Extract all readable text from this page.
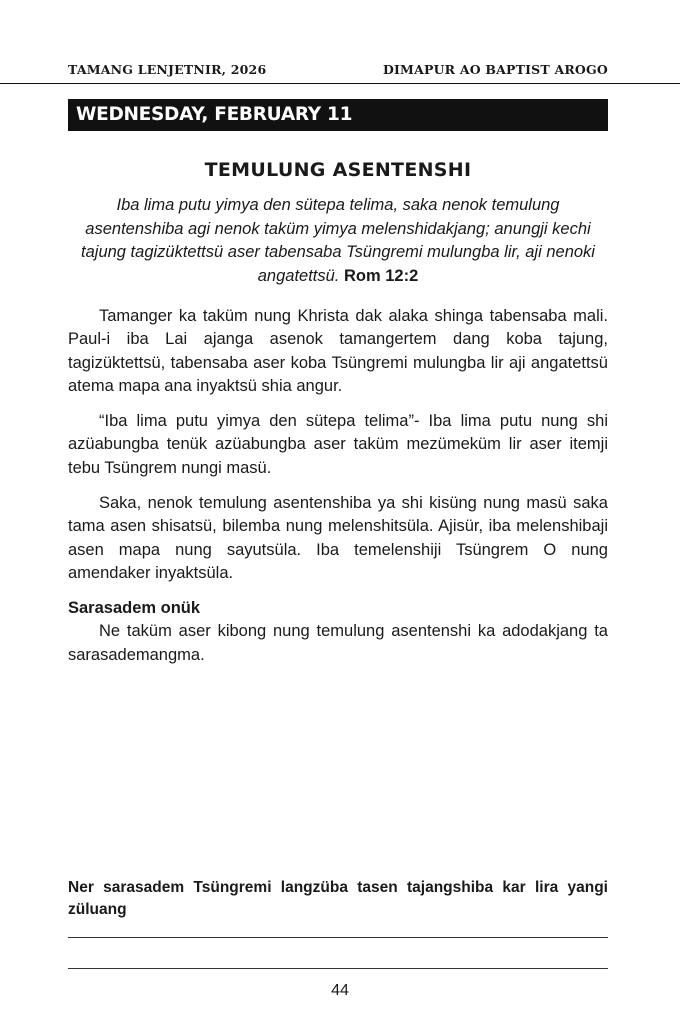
TAMANG LENJETNIR, 2026	DIMAPUR AO BAPTIST AROGO
WEDNESDAY, FEBRUARY 11
TEMULUNG ASENTENSHI
Iba lima putu yimya den sütepa telima, saka nenok temulung asentenshiba agi nenok taküm yimya melenshidakjang; anungji kechi tajung tagizüktettsü aser tabensaba Tsüngremi mulungba lir, aji nenoki angatettsü. Rom 12:2

Tamanger ka taküm nung Khrista dak alaka shinga tabensaba mali. Paul-i iba Lai ajanga asenok tamangertem dang koba tajung, tagizüktettsü, tabensaba aser koba Tsüngremi mulungba lir aji angatettsü atema mapa ana inyaktsü shia angur.

“Iba lima putu yimya den sütepa telima”- Iba lima putu nung shi azüabungba tenük azüabungba aser taküm mezümeküm lir aser itemji tebu Tsüngrem nungi masü.

Saka, nenok temulung asentenshiba ya shi kisüng nung masü saka tama asen shisatsü, bilemba nung melenshitsüla. Ajisür, iba melenshibaji asen mapa nung sayutsüla. Iba temelenshiji Tsüngrem O nung amendaker inyaktsüla.

Sarasadem onük

Ne taküm aser kibong nung temulung asentenshi ka adodakjang ta sarasademangma.

Ner sarasadem Tsüngremi langzüba tasen tajangshiba kar lira yangi züluang
44
